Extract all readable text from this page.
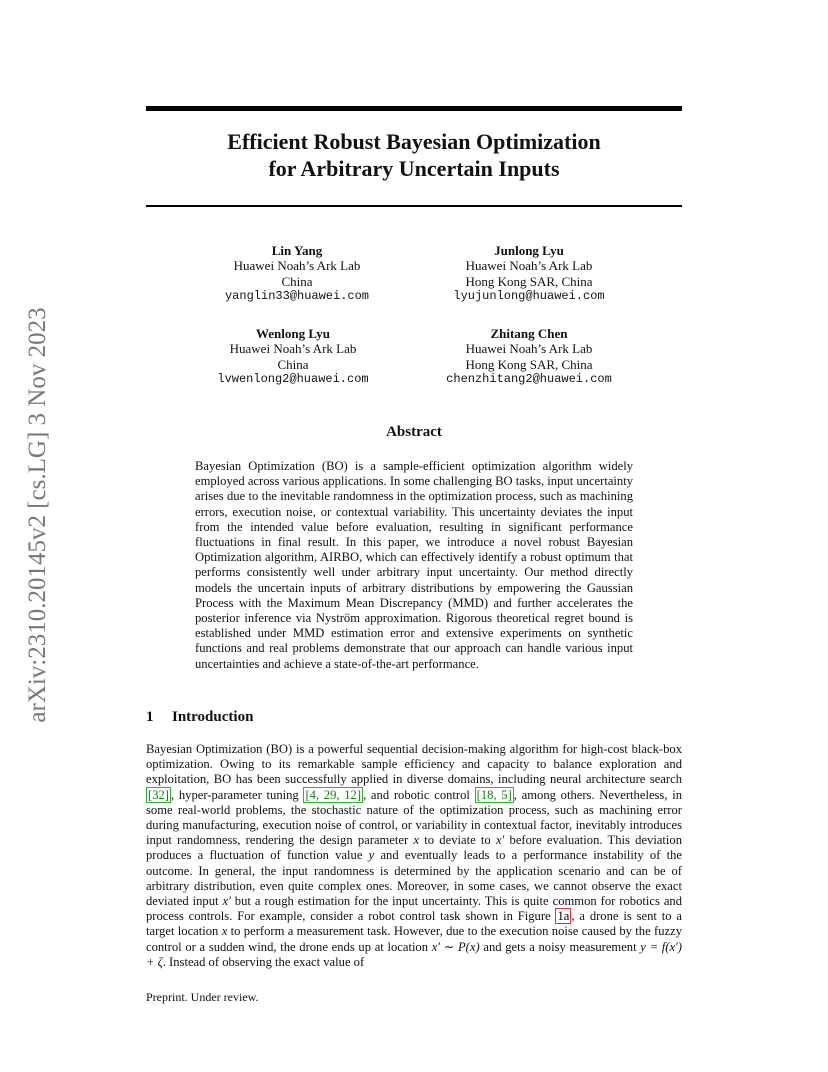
arXiv:2310.20145v2 [cs.LG] 3 Nov 2023
Efficient Robust Bayesian Optimization
for Arbitrary Uncertain Inputs
Lin Yang
Huawei Noah’s Ark Lab
China
yanglin33@huawei.com
Junlong Lyu
Huawei Noah’s Ark Lab
Hong Kong SAR, China
lyujunlong@huawei.com
Wenlong Lyu
Huawei Noah’s Ark Lab
China
lvwenlong2@huawei.com
Zhitang Chen
Huawei Noah’s Ark Lab
Hong Kong SAR, China
chenzhitang2@huawei.com
Abstract
Bayesian Optimization (BO) is a sample-efficient optimization algorithm widely employed across various applications. In some challenging BO tasks, input uncertainty arises due to the inevitable randomness in the optimization process, such as machining errors, execution noise, or contextual variability. This uncertainty deviates the input from the intended value before evaluation, resulting in significant performance fluctuations in final result. In this paper, we introduce a novel robust Bayesian Optimization algorithm, AIRBO, which can effectively identify a robust optimum that performs consistently well under arbitrary input uncertainty. Our method directly models the uncertain inputs of arbitrary distributions by empowering the Gaussian Process with the Maximum Mean Discrepancy (MMD) and further accelerates the posterior inference via Nyström approximation. Rigorous theoretical regret bound is established under MMD estimation error and extensive experiments on synthetic functions and real problems demonstrate that our approach can handle various input uncertainties and achieve a state-of-the-art performance.
1 Introduction
Bayesian Optimization (BO) is a powerful sequential decision-making algorithm for high-cost black-box optimization. Owing to its remarkable sample efficiency and capacity to balance exploration and exploitation, BO has been successfully applied in diverse domains, including neural architecture search [32] , hyper-parameter tuning [4, 29, 12] , and robotic control [18, 5] , among others. Nevertheless, in some real-world problems, the stochastic nature of the optimization process, such as machining error during manufacturing, execution noise of control, or variability in contextual factor, inevitably introduces input randomness, rendering the design parameter x to deviate to x′ before evaluation. This deviation produces a fluctuation of function value y and eventually leads to a performance instability of the outcome. In general, the input randomness is determined by the application scenario and can be of arbitrary distribution, even quite complex ones. Moreover, in some cases, we cannot observe the exact deviated input x′ but a rough estimation for the input uncertainty. This is quite common for robotics and process controls. For example, consider a robot control task shown in Figure 1a , a drone is sent to a target location x to perform a measurement task. However, due to the execution noise caused by the fuzzy control or a sudden wind, the drone ends up at location x′ ∼ P(x) and gets a noisy measurement y = f(x′) + ζ. Instead of observing the exact value of
Preprint. Under review.
